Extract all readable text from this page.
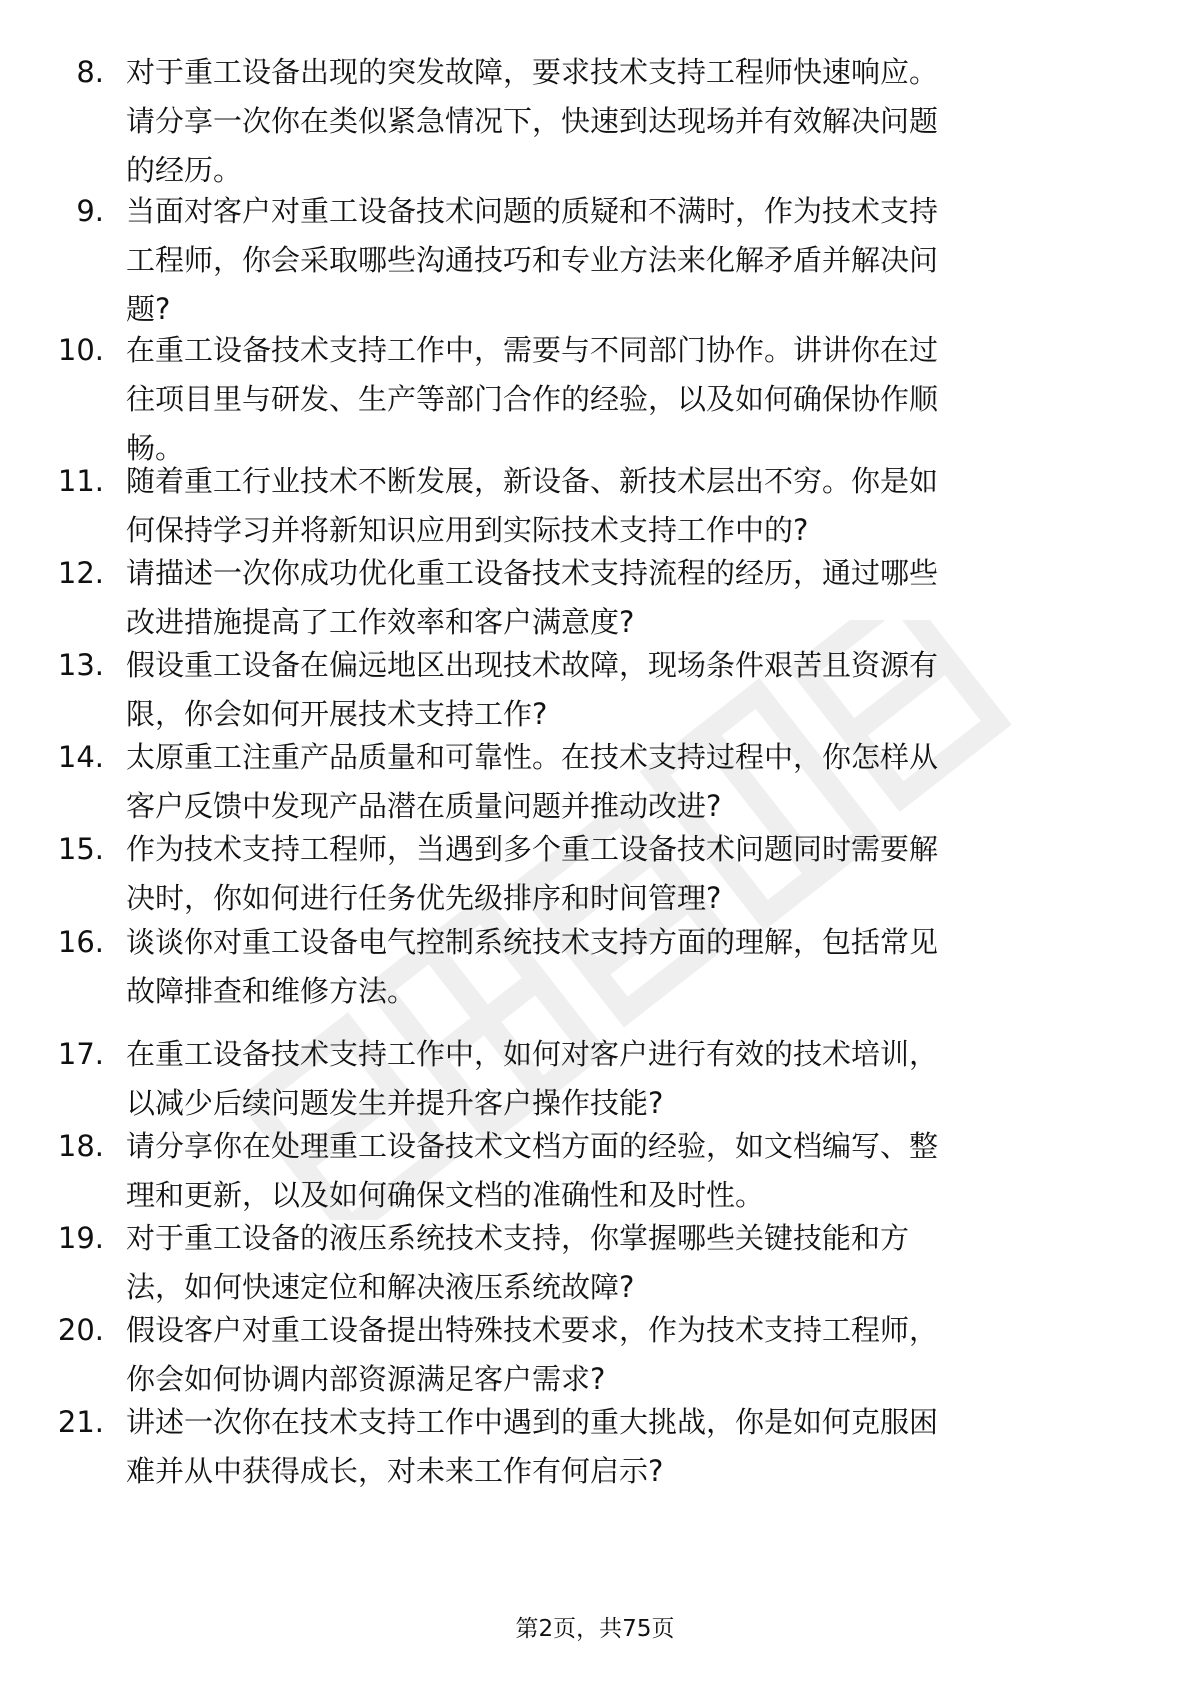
8. 对于重工设备出现的突发故障，要求技术支持工程师快速响应。
请分享一次你在类似紧急情况下，快速到达现场并有效解决问题
的经历。
9. 当面对客户对重工设备技术问题的质疑和不满时，作为技术支持
工程师，你会采取哪些沟通技巧和专业方法来化解矛盾并解决问
题?
10. 在重工设备技术支持工作中，需要与不同部门协作。讲讲你在过
往项目里与研发、生产等部门合作的经验，以及如何确保协作顺
畅。
11. 随着重工行业技术不断发展，新设备、新技术层出不穷。你是如
何保持学习并将新知识应用到实际技术支持工作中的?
12. 请描述一次你成功优化重工设备技术支持流程的经历，通过哪些
改进措施提高了工作效率和客户满意度?
13. 假设重工设备在偏远地区出现技术故障，现场条件艰苦且资源有
限，你会如何开展技术支持工作?
14. 太原重工注重产品质量和可靠性。在技术支持过程中，你怎样从
客户反馈中发现产品潜在质量问题并推动改进?
15. 作为技术支持工程师，当遇到多个重工设备技术问题同时需要解
决时，你如何进行任务优先级排序和时间管理?
16. 谈谈你对重工设备电气控制系统技术支持方面的理解，包括常见
故障排查和维修方法。
17. 在重工设备技术支持工作中，如何对客户进行有效的技术培训，
以减少后续问题发生并提升客户操作技能?
18. 请分享你在处理重工设备技术文档方面的经验，如文档编写、整
理和更新，以及如何确保文档的准确性和及时性。
19. 对于重工设备的液压系统技术支持，你掌握哪些关键技能和方
法，如何快速定位和解决液压系统故障?
20. 假设客户对重工设备提出特殊技术要求，作为技术支持工程师，
你会如何协调内部资源满足客户需求?
21. 讲述一次你在技术支持工作中遇到的重大挑战，你是如何克服困
难并从中获得成长，对未来工作有何启示?
第2页，共75页
